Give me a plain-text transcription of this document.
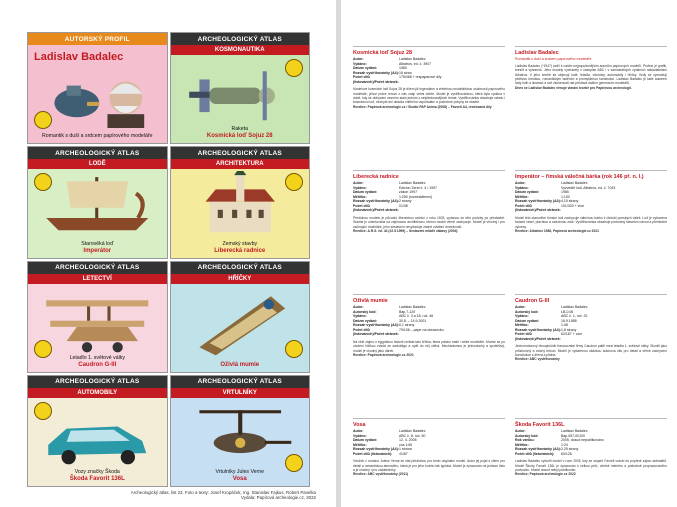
AUTORSKÝ PROFIL
Ladislav Badalec
Romantik s duší a srdcem papírového modeláře
ARCHEOLOGICKÝ ATLAS
KOSMONAUTIKA
Raketa
Kosmická loď Sojuz 28
ARCHEOLOGICKÝ ATLAS
LODĚ
Starověká loď
Imperátor
ARCHEOLOGICKÝ ATLAS
ARCHITEKTURA
Zemský stavby
Liberecká radnice
ARCHEOLOGICKÝ ATLAS
LETECTVÍ
Letadlo 1. světové války
Caudron G-III
ARCHEOLOGICKÝ ATLAS
HŘÍČKY
Oživlá mumie
ARCHEOLOGICKÝ ATLAS
AUTOMOBILY
Vozy značky Škoda
Škoda Favorit 136L
ARCHEOLOGICKÝ ATLAS
VRTULNÍKY
Vrtulníky Jules Verne
Vosa
Archeologický atlas, list 23. Foto a texty: Josef Kropáček, Ing. Stanislav Fajkus, Robert Pavelka
Vydala: Papírová archeologie.cz, 2022
Kosmická loď Sojuz 28
Autor:	Ladislav Badalec
Vydáno:	Albatros, ed. č. 3907
Datum vydání:	1980
Rozsah vystřihovánky (A4): 16 stran
Počet dílů (listováních)/Počet stránek:
175/468 + respaparové díly
Modelové kosmické lodi Sojuz 28 je dílem již legendární a zřetelnou modelářskou osobností papírového modeláře, jehož práce mnozí z nás znají velmi dobře. Model je vystřihovánkou, která byla vydána v době, kdy se dobývání vesmíru stalo jedním z nejsledovanějších témat. Vystřihovánka obsahuje raketu i kosmickou loď, nechybí ani ukázka vnitřního uspořádání a podrobné pokyny ke stavbě.
Reedice: Papírová archeologie.cz / Studio PAP Anima (2008) – Favorit A4, reedovaná díly
Liberecká radnice
Autor:	Ladislav Badalec
Vydáno:	Edicion Zeret č. 4 / 1997
Datum vydání:	zákon 1997
Měřítko:	1:250 (rozcestátenní)
Rozsah vystřihovánky (A4): 2 strany
Počet dílů (listováních)/Počet stránek:
01/38
Předlohou modelu je původní libereckou radnicí z roku 1603, vydanou do této podoby po přestavbě. Stavba je orientována na zajímavou architekturu, kterou model věrně zachycuje. Model je vhodný i pro začínající modeláře, jeho sestavení nevyžaduje žádné zvláštní dovednosti.
Reedice: A.R.S. ed. 44 (22.5.1999) – Sestavení mláďé zábavy (2004)
Oživlá mumie
Autor:	Ladislav Badalec
Autorský kód:	Bap.7-120
Vydáno:	ABC č. 3 a 18, roč. 46
Datum vydání:	30.8. – 14.9.2001
Rozsah vystřihovánky (A4): 0,1 strany
Počet dílů (listováních)/Počet stránek:
79/106 – papír na obrazovku
Na vlně zájmu o egyptskou historii vznikla tato hříčka, která pobaví malé i velké modeláře. Mumie se po otočení kličkou zvedá ze sarkofágu a opět do něj uléhá. Mechanismus je jednoduchý a spolehlivý, model je vhodný jako dárek.
Reedice: Papírová archeologie.cz 2021
Vosa
Autor:	Ladislav Badalec
Vydáno:	ABC č. 8, roč. 50
Datum vydání:	12. 4. 2005
Měřítko:	cca 1:60
Rozsah vystřihovánky (A4): 1 strana
Počet dílů (listováních):	41/87
Vrtulník z románu Julese Verna se stal předlohou pro tento originální model. Autor jej pojal s citem pro detail a romantickou atmosféru, která je pro jeho tvorbu tak typická. Model je zpracován na jednom listu a je vhodný i pro začátečníky.
Reedice: ABC vystřihovánky (2011)
Ladislav Badalec
Romantik s duší a srdcem papírového modeláře
Ladislav Badalec (*1947) patří k našim nejpopulárnějším autorům papírových modelů. Profesí je grafik, kreslíř a výtvarník. Jeho modely vycházely v časopise ABC i v samostatných vydáních nakladatelství Albatros. V jeho tvorbě se objevují lodě, letadla, vrtulníky, automobily i hříčky. Vždy se vyznačují pečlivou kresbou, romantickým laděním a promyšlenou konstrukcí. Ladislav Badalec je také autorem řady knih a ilustrací a své zkušenosti rád předává dalším generacím modelářů.
Dnes se Ladislav Badalec věnuje vlastní tvorbě pro Papírovou archeologii.
Imperátor – římská válečná bárka (rok 146 př. n. l.)
Autor:	Ladislav Badalec
Vydáno:	Vyzvedlé lodi, Albatros, ed. č. 7043
Datum vydání:	1985
Měřítko:	1:100
Rozsah vystřihovánky (A4): 4,15 strany
Počet dílů (listováních)/Počet stránek:
101/303 + více
Model této starověké římské lodi zachycuje válečnou bárku z období punských válek. Loď je vybavena řadami vesel, plachtou a ozdobnou zádí. Vystřihovánka obsahuje podrobný stavební návod a přehledné výkresy.
Reedice: Albatros 1986, Papírová archeologie.cz 2021
Caudron G-III
Autor:	Ladislav Badalec
Autorský kód:	LB-0.06
Vydáno:	ABC č. 1, roč. 32
Datum vydání:	16.9.1988
Měřítko:	1:48
Rozsah vystřihovánky (A4): 1,8 strany
Počet dílů (listováních)/Počet stránek:
62/167 + více
Jednomotorový dvouplošník francouzské firmy Caudron patřil mezi letadla 1. světové války. Sloužil jako průzkumný a cvičný letoun. Model je vydařenou ukázkou autorova citu pro detail a věrné zachycení konstrukce z dřeva a plátna.
Reedice: ABC vystřihovánky
Škoda Favorit 136L
Autor:	Ladislav Badalec
Autorský kód:	Bap.057-00100
Rok vzniku:	2005, dosud nepublikováno
Měřítko:	1:24
Rozsah vystřihovánky (A4): 2,25 strany
Počet dílů (listováních):	60/126
Ladislav Badalec vytvořil model v roce 2005, kdy se stupeň Favorit vracel do popředí zájmu sběratelů. Model Škody Favorit 136L je zpracován s velkou péčí, včetně interiéru a podrobně propracovaného podvozku. Model dosud nebyl publikován.
Reedice: Papírová archeologie.cz 2022
